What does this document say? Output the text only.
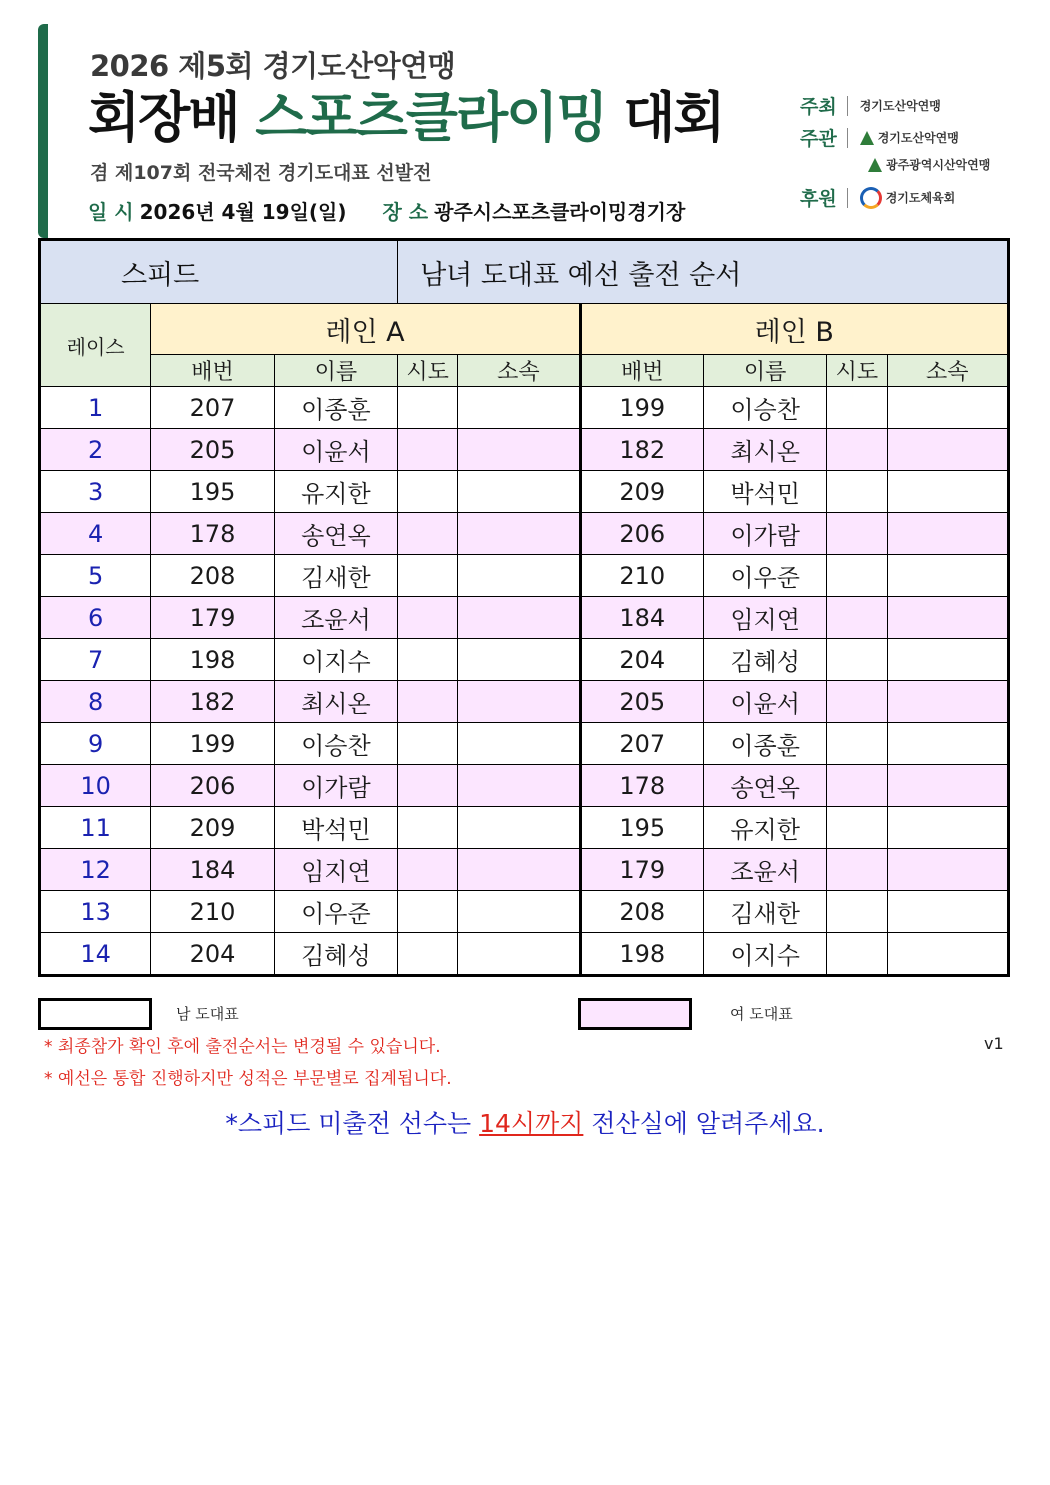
2026 제5회 경기도산악연맹
회장배 스포츠클라이밍 대회
겸 제107회 전국체전 경기도대표 선발전
일 시 2026년 4월 19일(일) 장 소 광주시스포츠클라이밍경기장
주최 경기도산악연맹
주관	경기도산악연맹
광주광역시산악연맹
후원	경기도체육회
스피드			남녀 도대표 예선 출전 순서					
레이스	레인 A				레인 B			
	배번	이름	시도	소속	배번	이름	시도	소속
1	207	이종훈			199	이승찬		
2	205	이윤서			182	최시온		
3	195	유지한			209	박석민		
4	178	송연옥			206	이가람		
5	208	김새한			210	이우준		
6	179	조윤서			184	임지연		
7	198	이지수			204	김혜성		
8	182	최시온			205	이윤서		
9	199	이승찬			207	이종훈		
10	206	이가람			178	송연옥		
11	209	박석민			195	유지한		
12	184	임지연			179	조윤서		
13	210	이우준			208	김새한		
14	204	김혜성			198	이지수		
남 도대표	여 도대표
* 최종참가 확인 후에 출전순서는 변경될 수 있습니다.	v1
* 예선은 통합 진행하지만 성적은 부문별로 집계됩니다.
*스피드 미출전 선수는 14시까지 전산실에 알려주세요.
